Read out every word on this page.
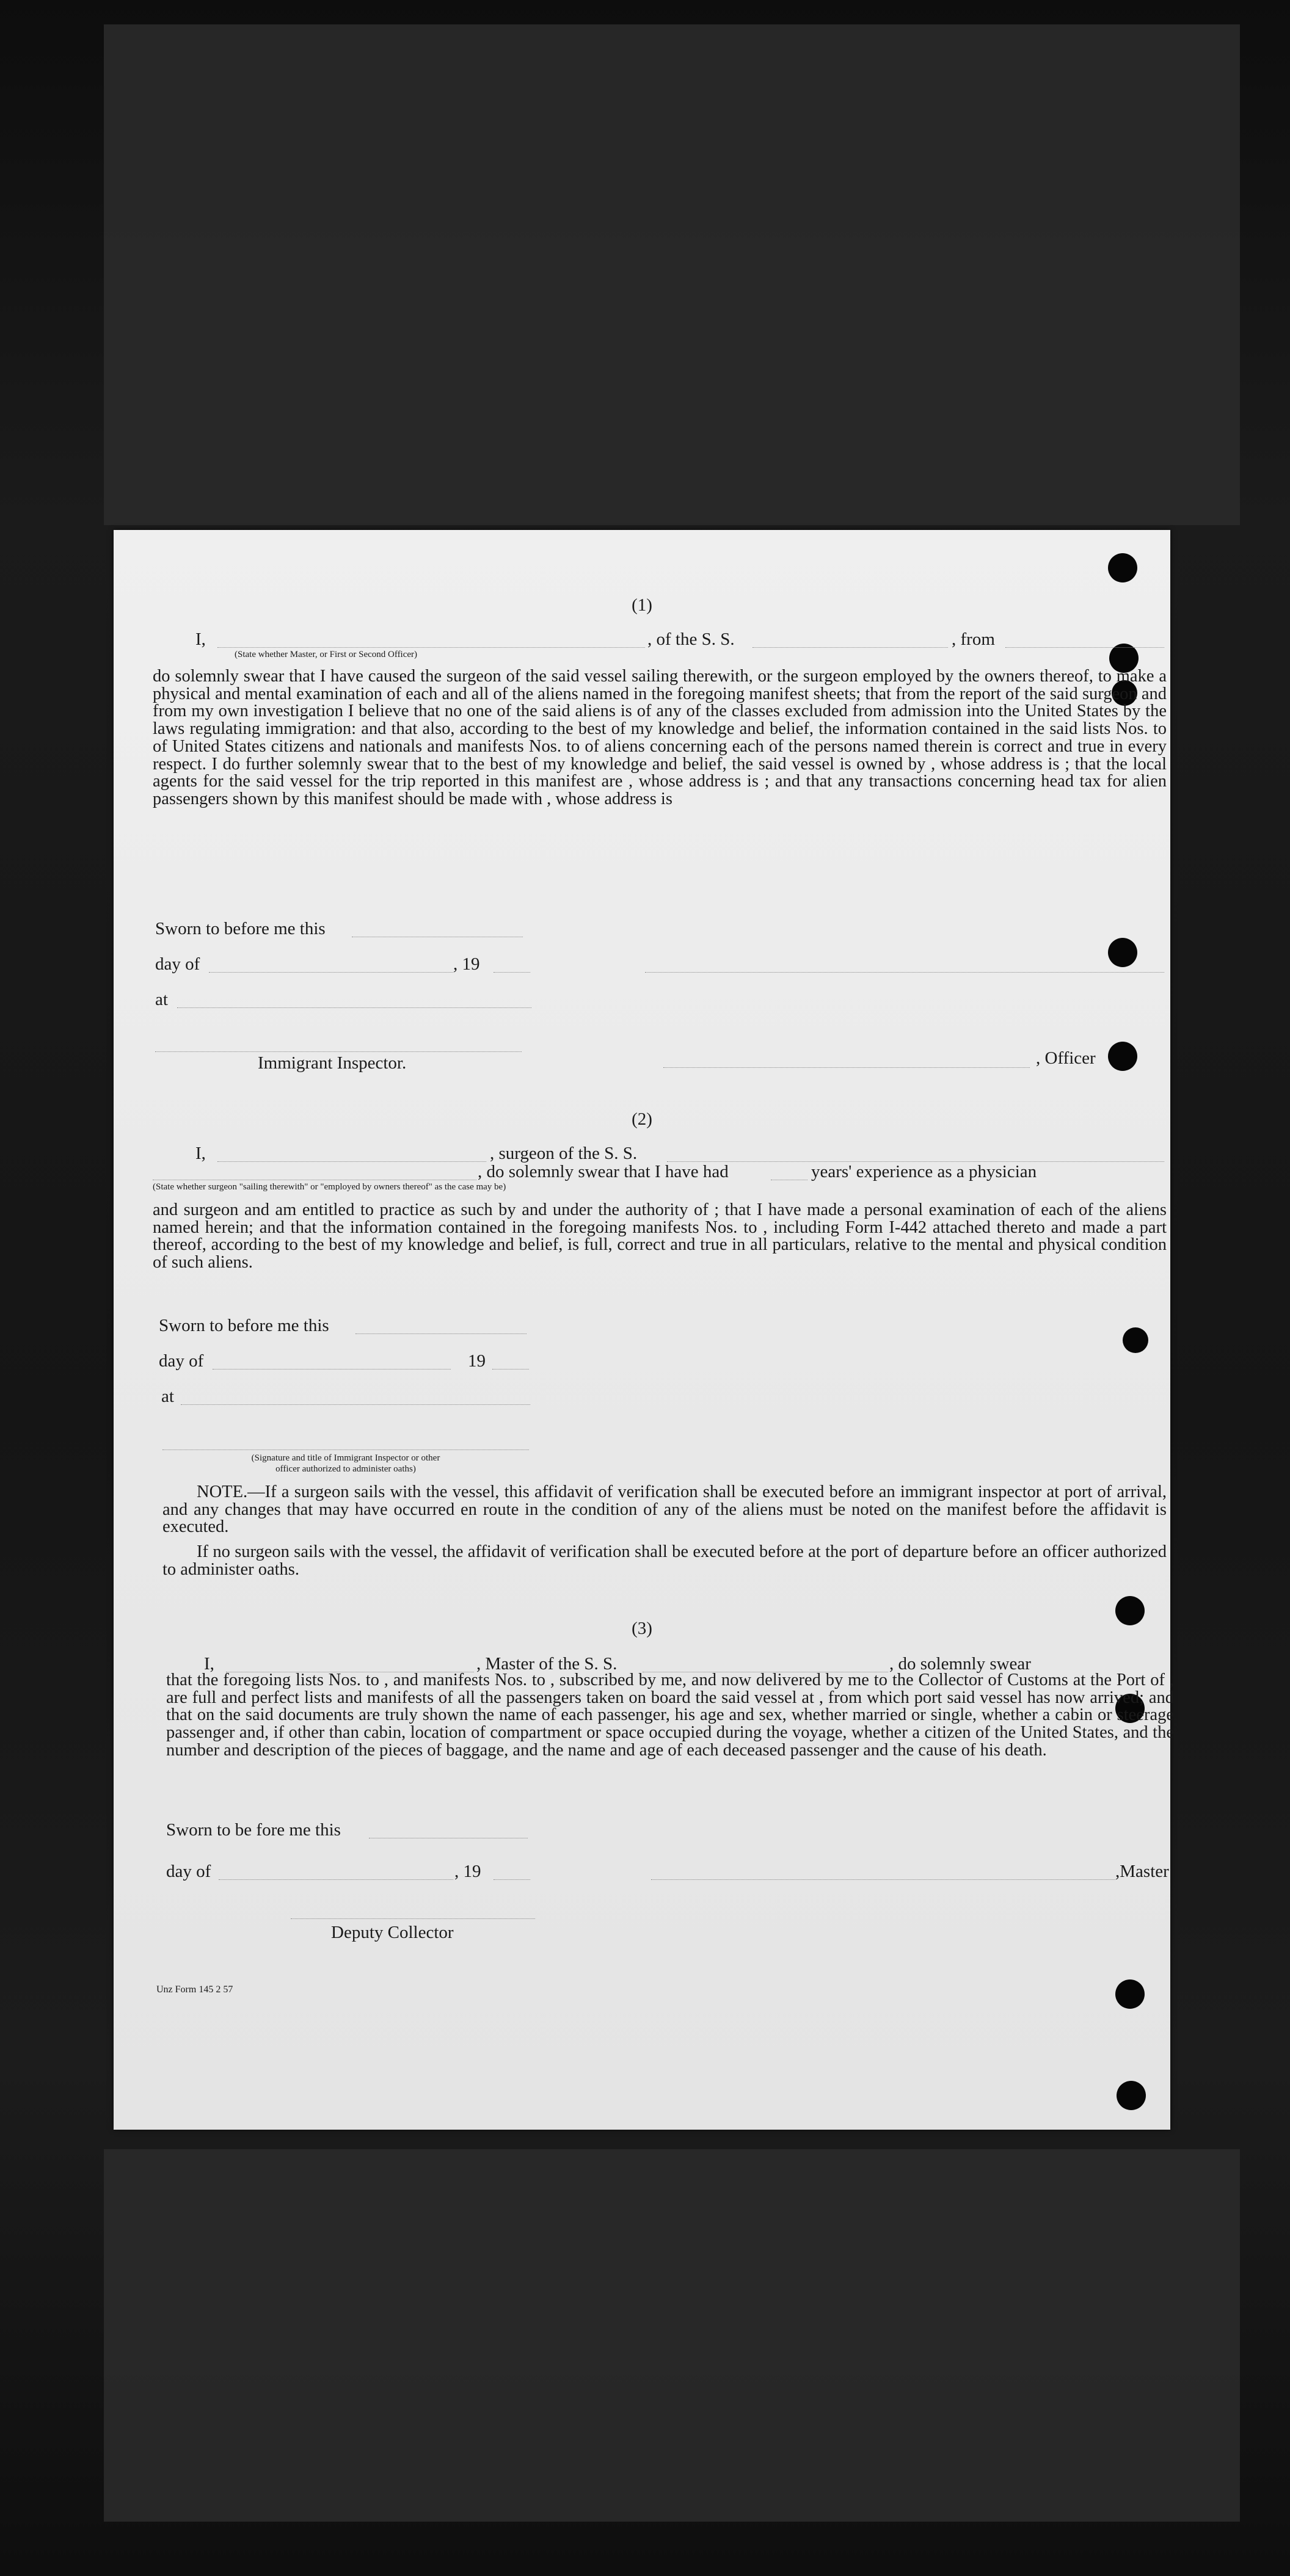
(1)
I,	, of the S. S.	, from
(State whether Master, or First or Second Officer)
do solemnly swear that I have caused the surgeon of the said vessel sailing therewith, or the surgeon employed by the owners thereof, to make a physical and mental examination of each and all of the aliens named in the foregoing manifest sheets; that from the report of the said surgeon and from my own investigation I believe that no one of the said aliens is of any of the classes excluded from admission into the United States by the laws regulating immigration: and that also, according to the best of my knowledge and belief, the information contained in the said lists Nos. to of United States citizens and nationals and manifests Nos. to of aliens concerning each of the persons named therein is correct and true in every respect. I do further solemnly swear that to the best of my knowledge and belief, the said vessel is owned by , whose address is ; that the local agents for the said vessel for the trip reported in this manifest are , whose address is ; and that any transactions concerning head tax for alien passengers shown by this manifest should be made with , whose address is
Sworn to before me this
day of	, 19
at
Immigrant Inspector.	, Officer
(2)
I,	, surgeon of the S. S.
, do solemnly swear that I have had	years' experience as a physician
(State whether surgeon "sailing therewith" or "employed by owners thereof" as the case may be)
and surgeon and am entitled to practice as such by and under the authority of ; that I have made a personal examination of each of the aliens named herein; and that the information contained in the foregoing manifests Nos. to , including Form I-442 attached thereto and made a part thereof, according to the best of my knowledge and belief, is full, correct and true in all particulars, relative to the mental and physical condition of such aliens.
Sworn to before me this
day of	19
at
(Signature and title of Immigrant Inspector or other
officer authorized to administer oaths)
NOTE.—If a surgeon sails with the vessel, this affidavit of verification shall be executed before an immigrant inspector at port of arrival, and any changes that may have occurred en route in the condition of any of the aliens must be noted on the manifest before the affidavit is executed.
If no surgeon sails with the vessel, the affidavit of verification shall be executed before at the port of departure before an officer authorized to administer oaths.
(3)
I,	, Master of the S. S.	, do solemnly swear
that the foregoing lists Nos. to , and manifests Nos. to , subscribed by me, and now delivered by me to the Collector of Customs at the Port of , are full and perfect lists and manifests of all the passengers taken on board the said vessel at , from which port said vessel has now arrived; and that on the said documents are truly shown the name of each passenger, his age and sex, whether married or single, whether a cabin or steerage passenger and, if other than cabin, location of compartment or space occupied during the voyage, whether a citizen of the United States, and the number and description of the pieces of baggage, and the name and age of each deceased passenger and the cause of his death.
Sworn to be fore me this
day of	, 19	,Master
Deputy Collector
Unz Form 145 2 57
